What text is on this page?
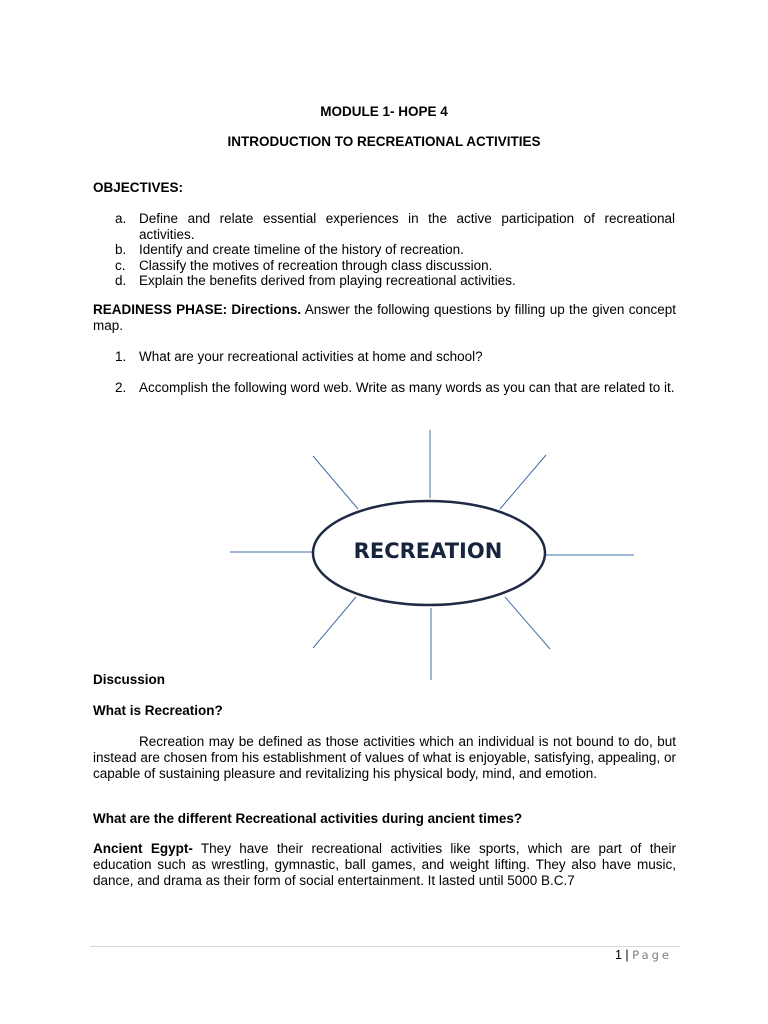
MODULE 1- HOPE 4
INTRODUCTION TO RECREATIONAL ACTIVITIES
OBJECTIVES:
a. Define and relate essential experiences in the active participation of recreational activities.
b. Identify and create timeline of the history of recreation.
c. Classify the motives of recreation through class discussion.
d. Explain the benefits derived from playing recreational activities.
READINESS PHASE: Directions. Answer the following questions by filling up the given concept map.
1. What are your recreational activities at home and school?
2. Accomplish the following word web. Write as many words as you can that are related to it.
RECREATION
Discussion
What is Recreation?
Recreation may be defined as those activities which an individual is not bound to do, but instead are chosen from his establishment of values of what is enjoyable, satisfying, appealing, or capable of sustaining pleasure and revitalizing his physical body, mind, and emotion.
What are the different Recreational activities during ancient times?
Ancient Egypt- They have their recreational activities like sports, which are part of their education such as wrestling, gymnastic, ball games, and weight lifting. They also have music, dance, and drama as their form of social entertainment. It lasted until 5000 B.C.7
1 | Page
